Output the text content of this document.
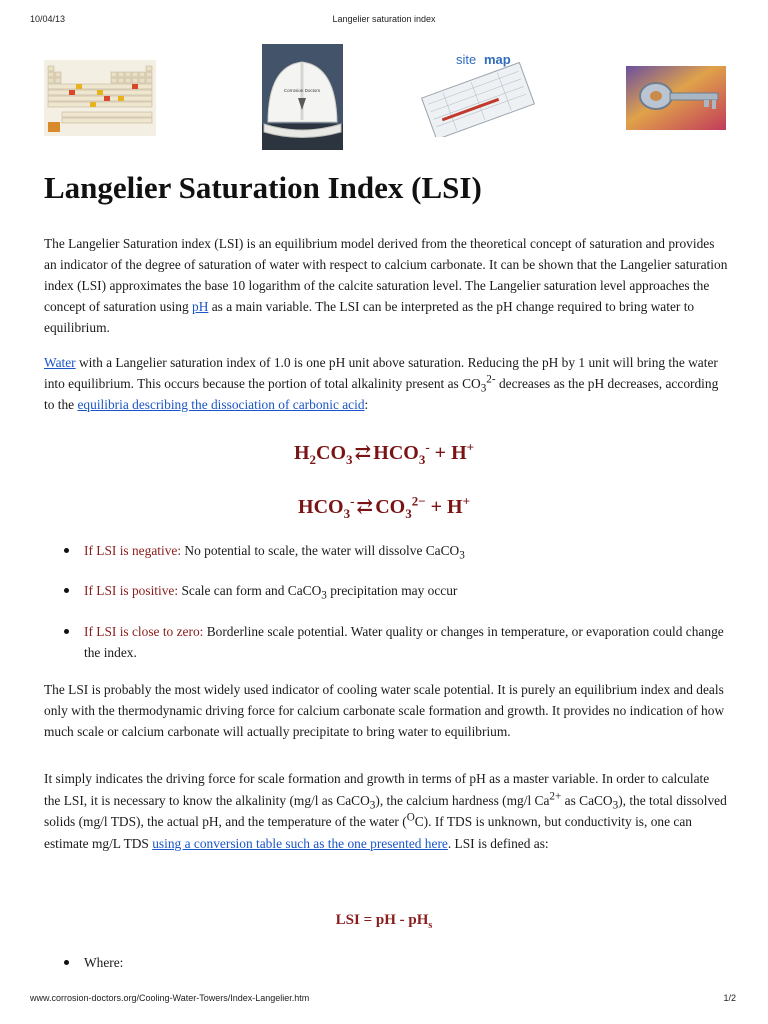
10/04/13	Langelier saturation index
Corrosion Doctors
site map
Langelier Saturation Index (LSI)

The Langelier Saturation index (LSI) is an equilibrium model derived from the theoretical concept of saturation and provides an indicator of the degree of saturation of water with respect to calcium carbonate. It can be shown that the Langelier saturation index (LSI) approximates the base 10 logarithm of the calcite saturation level. The Langelier saturation level approaches the concept of saturation using pH as a main variable. The LSI can be interpreted as the pH change required to bring water to equilibrium.

Water with a Langelier saturation index of 1.0 is one pH unit above saturation. Reducing the pH by 1 unit will bring the water into equilibrium. This occurs because the portion of total alkalinity present as $CO_3^{2-}$ decreases as the pH decreases, according to the equilibria describing the dissociation of carbonic acid:

$H_2CO_3$ ⇄ $HCO_3^- + H^+$
$HCO_3^-$ ⇄ $CO_3^{2-} + H^+$
If LSI is negative: No potential to scale, the water will dissolve CaCO$_3$
If LSI is positive: Scale can form and CaCO$_3$ precipitation may occur
If LSI is close to zero: Borderline scale potential. Water quality or changes in temperature, or evaporation could change the index.

The LSI is probably the most widely used indicator of cooling water scale potential. It is purely an equilibrium index and deals only with the thermodynamic driving force for calcium carbonate scale formation and growth. It provides no indication of how much scale or calcium carbonate will actually precipitate to bring water to equilibrium.

It simply indicates the driving force for scale formation and growth in terms of pH as a master variable. In order to calculate the LSI, it is necessary to know the alkalinity (mg/l as CaCO$_3$), the calcium hardness (mg/l $Ca^{2+}$ as CaCO$_3$), the total dissolved solids (mg/l TDS), the actual pH, and the temperature of the water ($^O$C). If TDS is unknown, but conductivity is, one can estimate mg/L TDS using a conversion table such as the one presented here. LSI is defined as:

LSI = pH - $pH_s$
Where:
www.corrosion-doctors.org/Cooling-Water-Towers/Index-Langelier.htm	1/2
